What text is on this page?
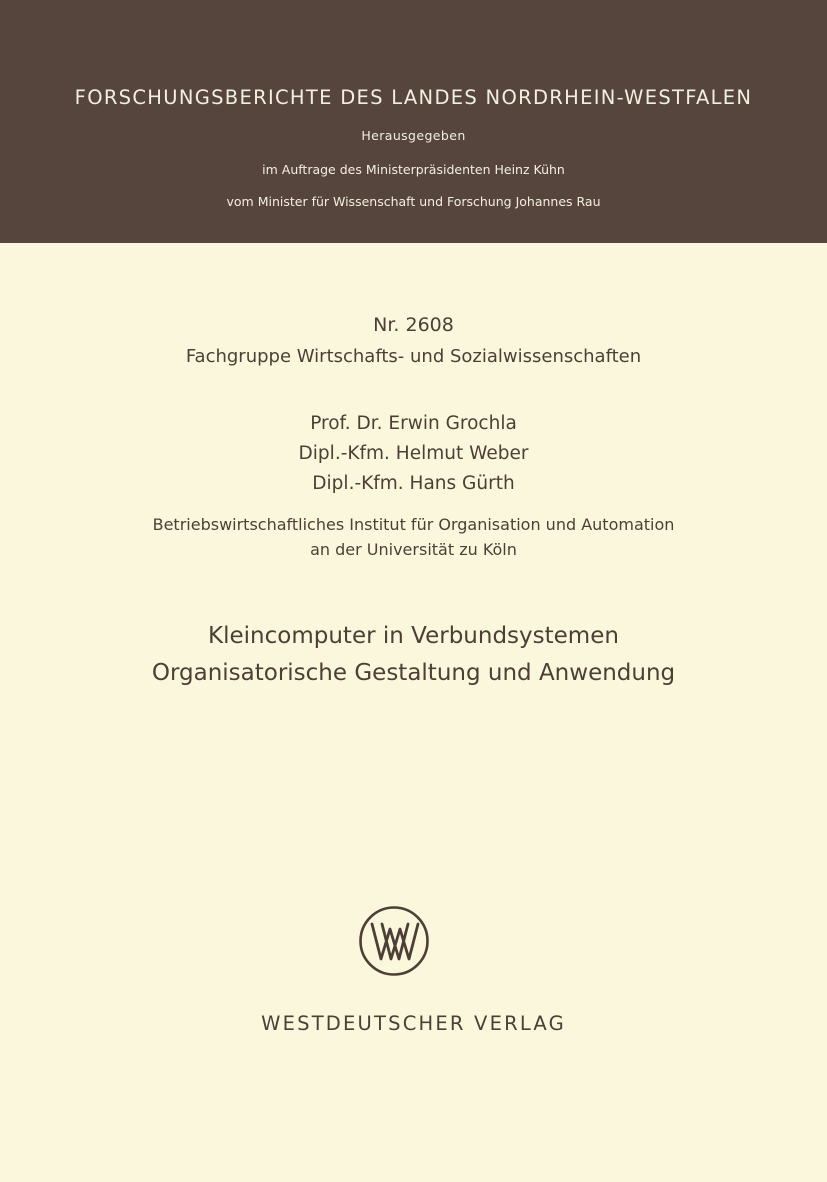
FORSCHUNGSBERICHTE DES LANDES NORDRHEIN-WESTFALEN
Herausgegeben
im Auftrage des Ministerpräsidenten Heinz Kühn
vom Minister für Wissenschaft und Forschung Johannes Rau
Nr. 2608
Fachgruppe Wirtschafts- und Sozialwissenschaften
Prof. Dr. Erwin Grochla
Dipl.-Kfm. Helmut Weber
Dipl.-Kfm. Hans Gürth
Betriebswirtschaftliches Institut für Organisation und Automation
an der Universität zu Köln
Kleincomputer in Verbundsystemen
Organisatorische Gestaltung und Anwendung
WESTDEUTSCHER VERLAG
